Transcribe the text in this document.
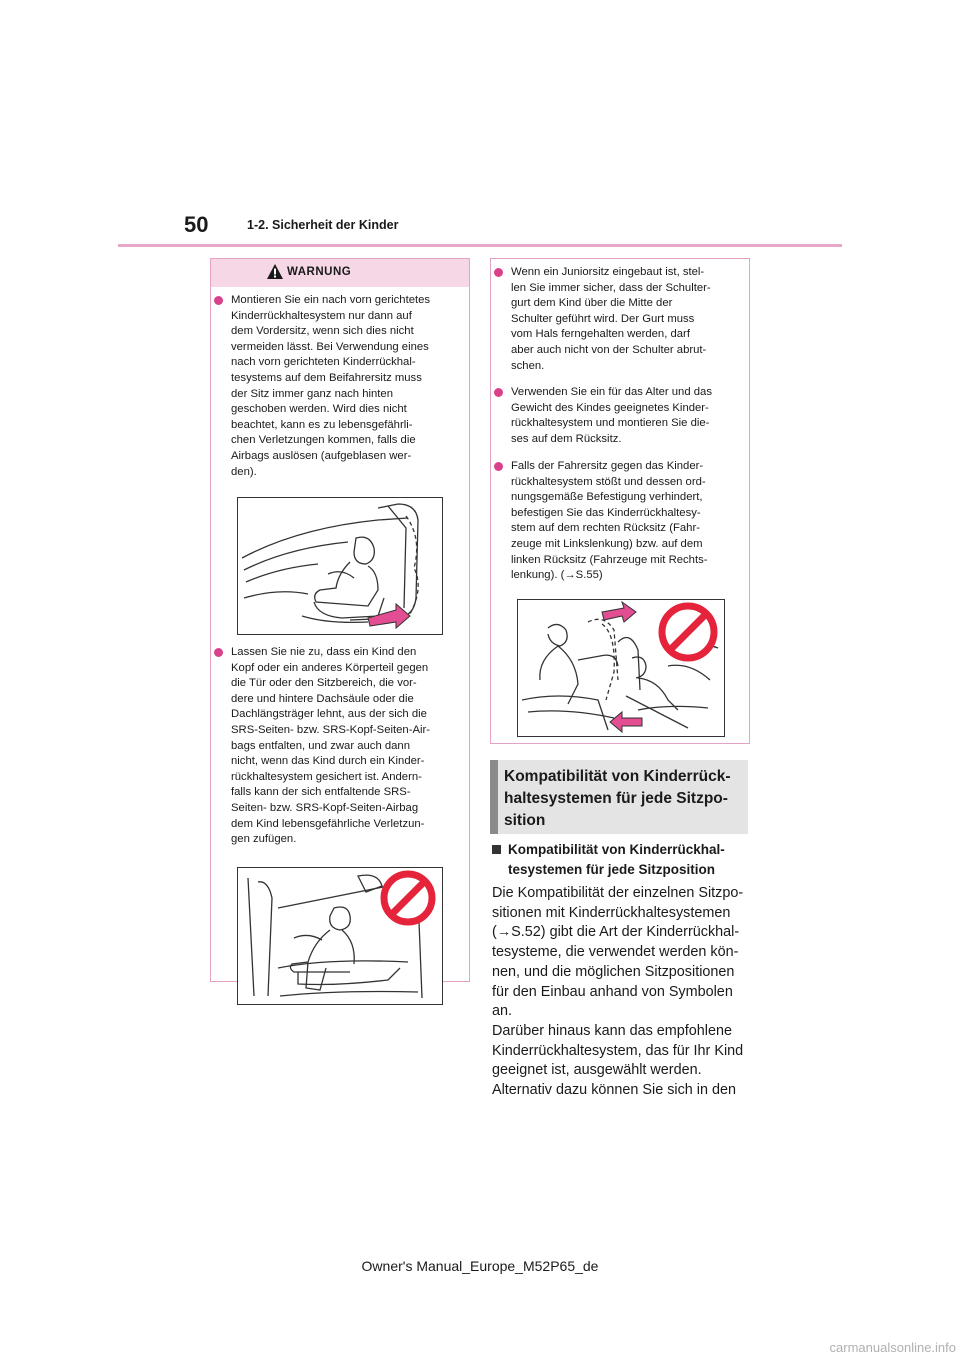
50	1-2. Sicherheit der Kinder
WARNUNG
Montieren Sie ein nach vorn gerichtetes
Kinderrückhaltesystem nur dann auf
dem Vordersitz, wenn sich dies nicht
vermeiden lässt. Bei Verwendung eines
nach vorn gerichteten Kinderrückhal-
tesystems auf dem Beifahrersitz muss
der Sitz immer ganz nach hinten
geschoben werden. Wird dies nicht
beachtet, kann es zu lebensgefährli-
chen Verletzungen kommen, falls die
Airbags auslösen (aufgeblasen wer-
den).
Lassen Sie nie zu, dass ein Kind den
Kopf oder ein anderes Körperteil gegen
die Tür oder den Sitzbereich, die vor-
dere und hintere Dachsäule oder die
Dachlängsträger lehnt, aus der sich die
SRS-Seiten- bzw. SRS-Kopf-Seiten-Air-
bags entfalten, und zwar auch dann
nicht, wenn das Kind durch ein Kinder-
rückhaltesystem gesichert ist. Andern-
falls kann der sich entfaltende SRS-
Seiten- bzw. SRS-Kopf-Seiten-Airbag
dem Kind lebensgefährliche Verletzun-
gen zufügen.
Wenn ein Juniorsitz eingebaut ist, stel-
len Sie immer sicher, dass der Schulter-
gurt dem Kind über die Mitte der
Schulter geführt wird. Der Gurt muss
vom Hals ferngehalten werden, darf
aber auch nicht von der Schulter abrut-
schen.
Verwenden Sie ein für das Alter und das
Gewicht des Kindes geeignetes Kinder-
rückhaltesystem und montieren Sie die-
ses auf dem Rücksitz.
Falls der Fahrersitz gegen das Kinder-
rückhaltesystem stößt und dessen ord-
nungsgemäße Befestigung verhindert,
befestigen Sie das Kinderrückhaltesy-
stem auf dem rechten Rücksitz (Fahr-
zeuge mit Linkslenkung) bzw. auf dem
linken Rücksitz (Fahrzeuge mit Rechts-
lenkung). (→S.55)
Kompatibilität von Kinderrück-
haltesystemen für jede Sitzpo-
sition
Kompatibilität von Kinderrückhal-
tesystemen für jede Sitzposition
Die Kompatibilität der einzelnen Sitzpo-
sitionen mit Kinderrückhaltesystemen
(→S.52) gibt die Art der Kinderrückhal-
tesysteme, die verwendet werden kön-
nen, und die möglichen Sitzpositionen
für den Einbau anhand von Symbolen
an.
Darüber hinaus kann das empfohlene
Kinderrückhaltesystem, das für Ihr Kind
geeignet ist, ausgewählt werden.
Alternativ dazu können Sie sich in den
Owner's Manual_Europe_M52P65_de
carmanualsonline.info
